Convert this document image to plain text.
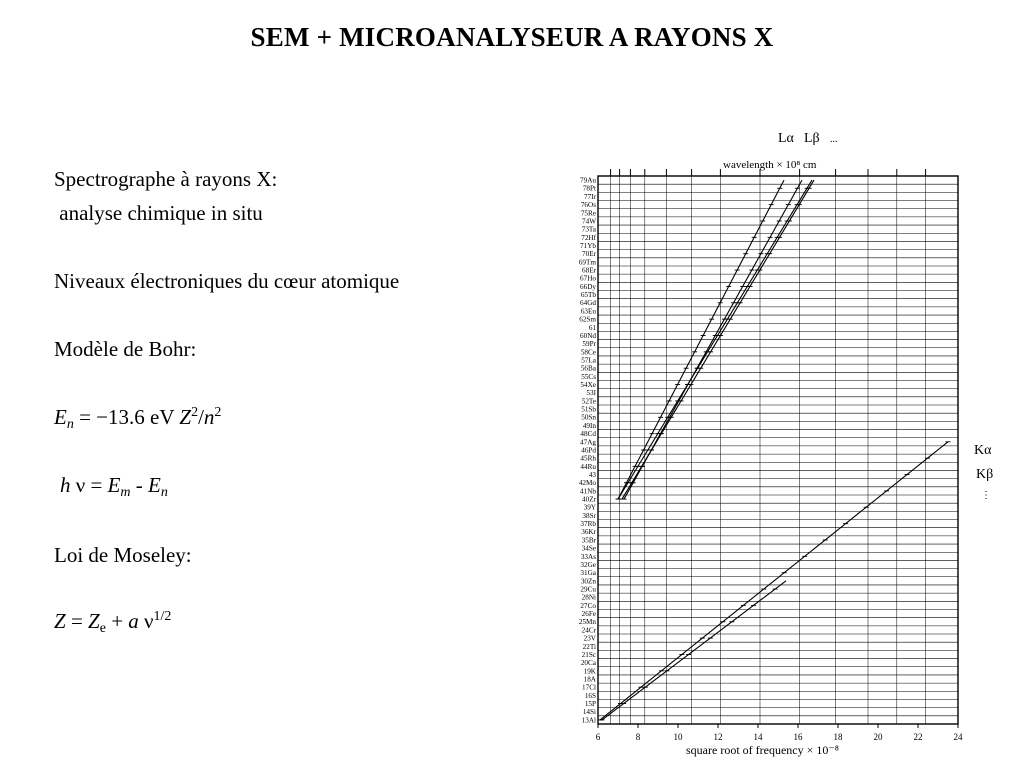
SEM + MICROANALYSEUR A RAYONS X
Spectrographe à rayons X:
analyse chimique in situ
Niveaux électroniques du cœur atomique
Modèle de Bohr:
$E_n = -13.6$ eV $Z^2/n^2$
h $\nu = E_m - E_n$
Loi de Moseley:
$Z = Z_e + a$ $\nu^{1/2}$
Lα Lβ ...
wavelength × 10⁸ cm
Kα
Kβ
⋮
79Au
78Pt
77Ir
76Os
75Re
74W
73Ta
72Hf
71Yb
70Er
69Tm
68Er
67Ho
66Dy
65Tb
64Gd
63Eu
62Sm
61
60Nd
59Pr
58Ce
57La
56Ba
55Cs
54Xe
53I
52Te
51Sb
50Sn
49In
48Cd
47Ag
46Pd
45Rh
44Ru
43
42Mo
41Nb
40Zr
39Y
38Sr
37Rb
36Kr
35Br
34Se
33As
32Ge
31Ga
30Zn
29Cu
28Ni
27Co
26Fe
25Mn
24Cr
23V
22Ti
21Sc
20Ca
19K
18A
17Cl
16S
15P
14Si
13Al
6	8	10	12	14	16	18	20	22	24
square root of frequency × 10⁻⁸
